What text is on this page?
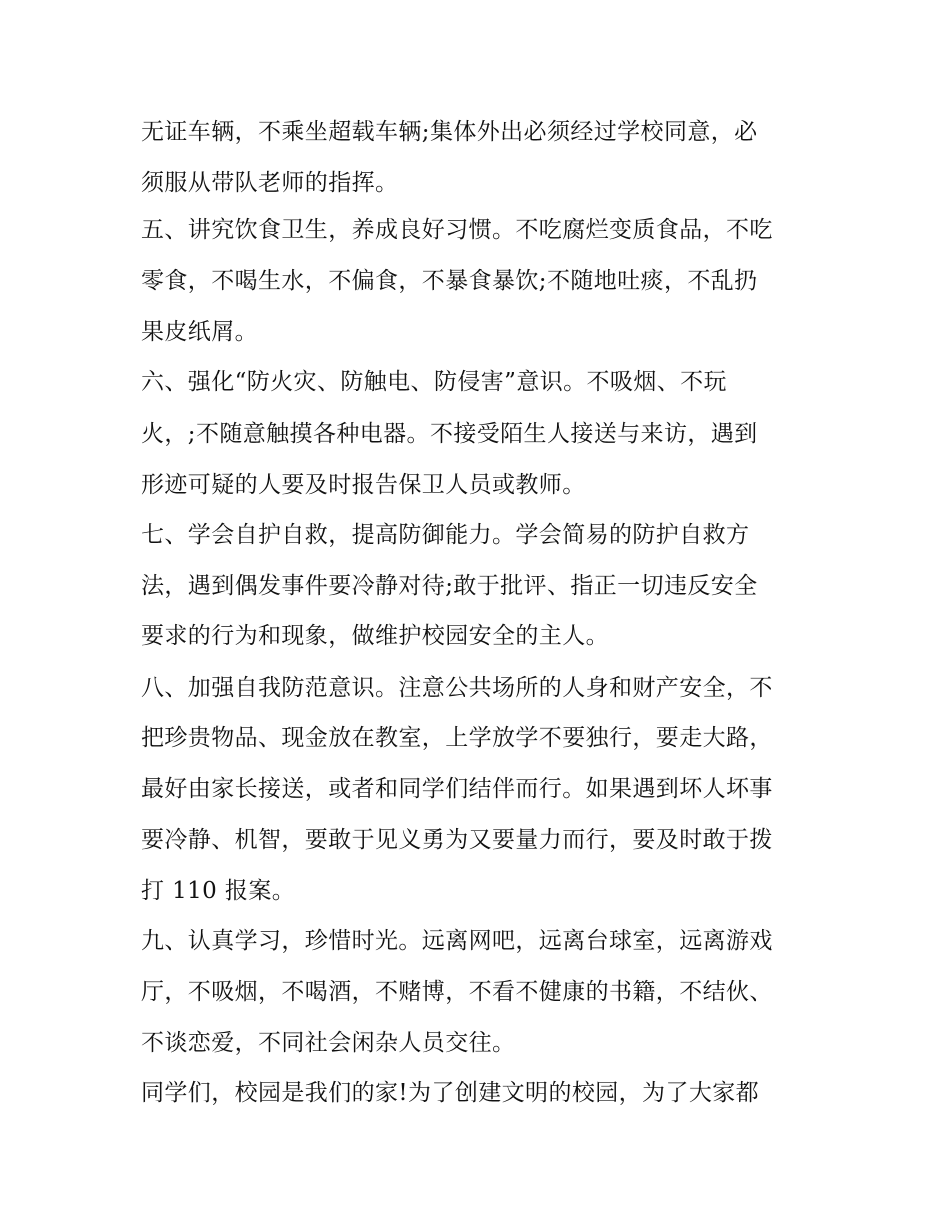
无证车辆，不乘坐超载车辆;集体外出必须经过学校同意，必
须服从带队老师的指挥。
五、讲究饮食卫生，养成良好习惯。不吃腐烂变质食品，不吃
零食，不喝生水，不偏食，不暴食暴饮;不随地吐痰，不乱扔
果皮纸屑。
六、强化“防火灾、防触电、防侵害”意识。不吸烟、不玩
火，;不随意触摸各种电器。不接受陌生人接送与来访，遇到
形迹可疑的人要及时报告保卫人员或教师。
七、学会自护自救，提高防御能力。学会简易的防护自救方
法，遇到偶发事件要冷静对待;敢于批评、指正一切违反安全
要求的行为和现象，做维护校园安全的主人。
八、加强自我防范意识。注意公共场所的人身和财产安全，不
把珍贵物品、现金放在教室，上学放学不要独行，要走大路，
最好由家长接送，或者和同学们结伴而行。如果遇到坏人坏事
要冷静、机智，要敢于见义勇为又要量力而行，要及时敢于拨
打 110 报案。
九、认真学习，珍惜时光。远离网吧，远离台球室，远离游戏
厅，不吸烟，不喝酒，不赌博，不看不健康的书籍，不结伙、
不谈恋爱，不同社会闲杂人员交往。
同学们，校园是我们的家!为了创建文明的校园，为了大家都
